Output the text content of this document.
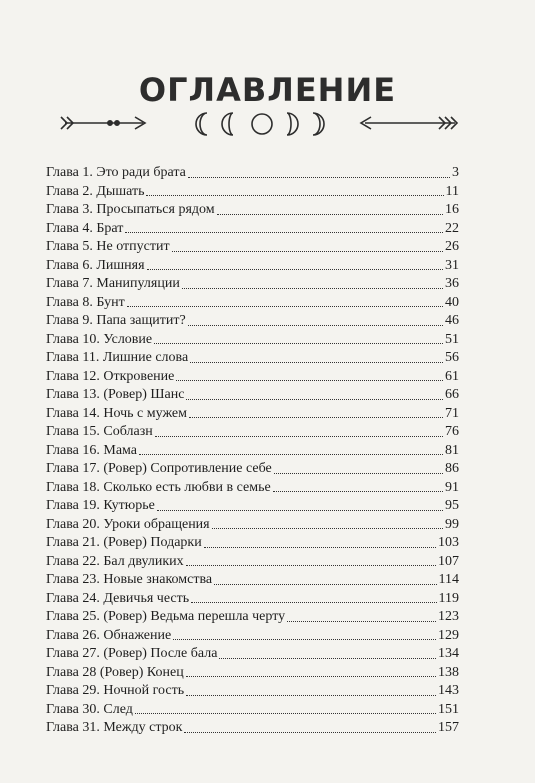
ОГЛАВЛЕНИЕ
Глава 1. Это ради брата	3
Глава 2. Дышать	11
Глава 3. Просыпаться рядом	16
Глава 4. Брат	22
Глава 5. Не отпустит	26
Глава 6. Лишняя	31
Глава 7. Манипуляции	36
Глава 8. Бунт	40
Глава 9. Папа защитит?	46
Глава 10. Условие	51
Глава 11. Лишние слова	56
Глава 12. Откровение	61
Глава 13. (Ровер) Шанс	66
Глава 14. Ночь с мужем	71
Глава 15. Соблазн	76
Глава 16. Мама	81
Глава 17. (Ровер) Сопротивление себе	86
Глава 18. Сколько есть любви в семье	91
Глава 19. Кутюрье	95
Глава 20. Уроки обращения	99
Глава 21. (Ровер) Подарки	103
Глава 22. Бал двуликих	107
Глава 23. Новые знакомства	114
Глава 24. Девичья честь	119
Глава 25. (Ровер) Ведьма перешла черту	123
Глава 26. Обнажение	129
Глава 27. (Ровер) После бала	134
Глава 28 (Ровер) Конец	138
Глава 29. Ночной гость	143
Глава 30. След	151
Глава 31. Между строк	157
